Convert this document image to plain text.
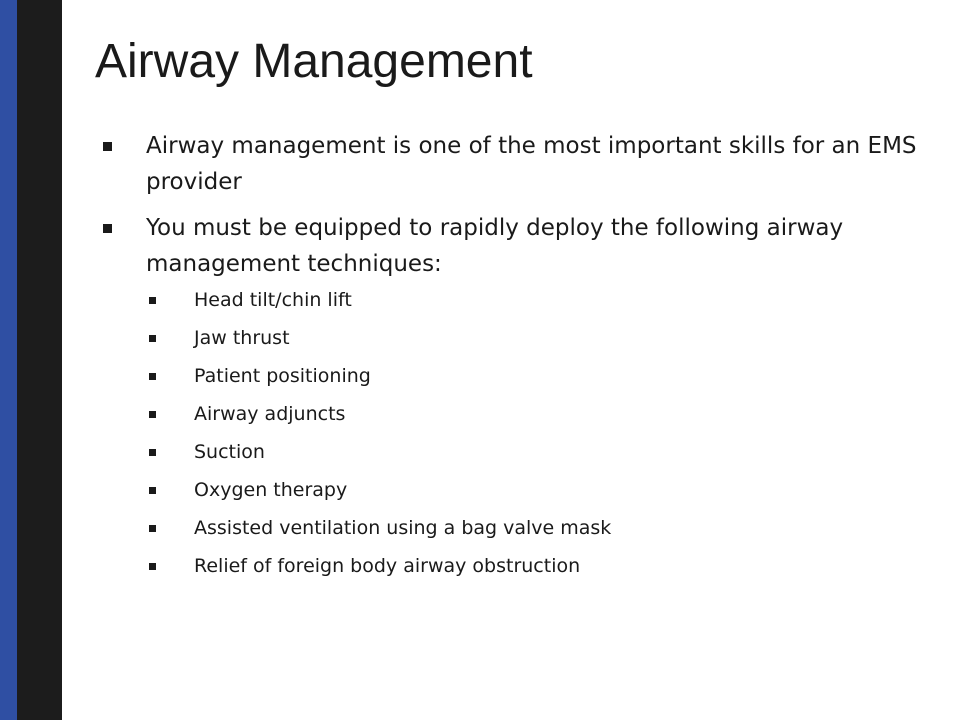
Airway Management
Airway management is one of the most important skills for an EMS provider
You must be equipped to rapidly deploy the following airway management techniques:
Head tilt/chin lift
Jaw thrust
Patient positioning
Airway adjuncts
Suction
Oxygen therapy
Assisted ventilation using a bag valve mask
Relief of foreign body airway obstruction
